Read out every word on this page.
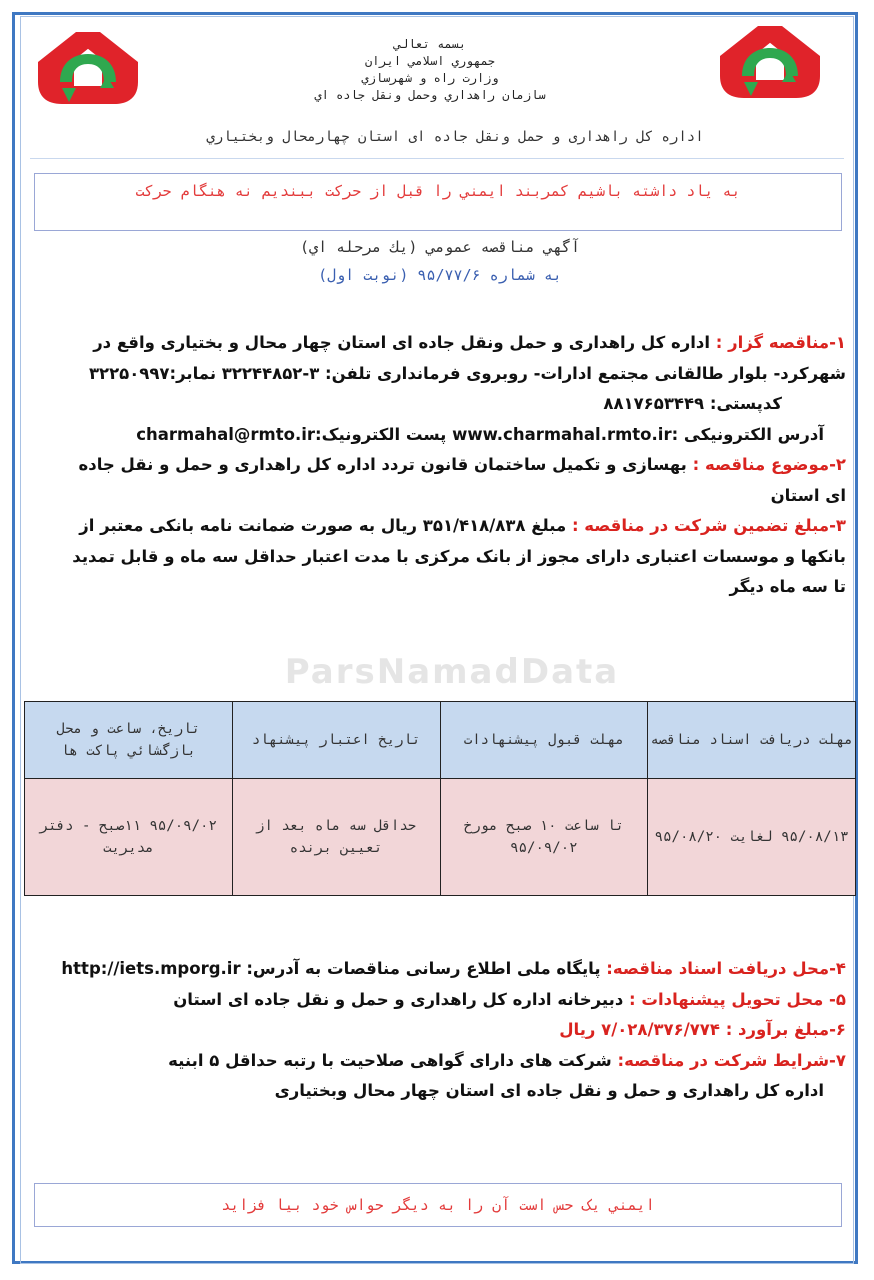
بسمه تعالي
جمهوري اسلامي ايران
وزارت راه و شهرسازي
سازمان راهداري وحمل ونقل جاده اي
اداره کل راهداری و حمل ونقل جاده ای استان چهارمحال وبختياري
به ياد داشته باشيم کمربند ايمني را قبل از حرکت ببنديم نه هنگام حرکت
آگهي مناقصه عمومي (يك مرحله اي)
به شماره ۹۵/۷۷/۶ (نوبت اول)
ParsNamadData
۱-مناقصه گزار : اداره کل راهداری و حمل ونقل جاده ای استان چهار محال و بختیاری واقع در
شهرکرد- بلوار طالقانی مجتمع ادارات- روبروی فرمانداری تلفن: ۳-۳۲۲۴۴۸۵۲ نمابر:۳۲۲۵۰۹۹۷
کدپستی: ۸۸۱۷۶۵۳۴۴۹
آدرس الکترونیکی :www.charmahal.rmto.ir پست الکترونیک:charmahal@rmto.ir
۲-موضوع مناقصه : بهسازی و تکمیل ساختمان قانون تردد اداره کل راهداری و حمل و نقل جاده
ای استان
۳-مبلغ تضمین شرکت در مناقصه : مبلغ ۳۵۱/۴۱۸/۸۳۸ ریال به صورت ضمانت نامه بانکی معتبر از
بانکها و موسسات اعتباری دارای مجوز از بانک مرکزی با مدت اعتبار حداقل سه ماه و قابل تمدید
تا سه ماه دیگر
مهلت دريافت اسناد مناقصه	مهلت قبول پيشنهادات	تاريخ اعتبار پيشنهاد	تاريخ، ساعت و محل بازگشائي پاکت ها
۹۵/۰۸/۱۳ لغايت ۹۵/۰۸/۲۰	تا ساعت ۱۰ صبح مورخ ۹۵/۰۹/۰۲	حداقل سه ماه بعد از تعيين برنده	۹۵/۰۹/۰۲ ۱۱صبح - دفتر مديريت
۴-محل دریافت اسناد مناقصه: پایگاه ملی اطلاع رسانی مناقصات به آدرس: http://iets.mporg.ir
۵- محل تحویل پیشنهادات : دبیرخانه اداره کل راهداری و حمل و نقل جاده ای استان
۶-مبلغ برآورد : ۷/۰۲۸/۳۷۶/۷۷۴ ریال
۷-شرایط شرکت در مناقصه: شرکت های دارای گواهی صلاحیت با رتبه حداقل ۵ ابنیه
اداره کل راهداری و حمل و نقل جاده ای استان چهار محال وبختیاری
ايمني يک حس است آن را به ديگر حواس خود بيا فزايد
